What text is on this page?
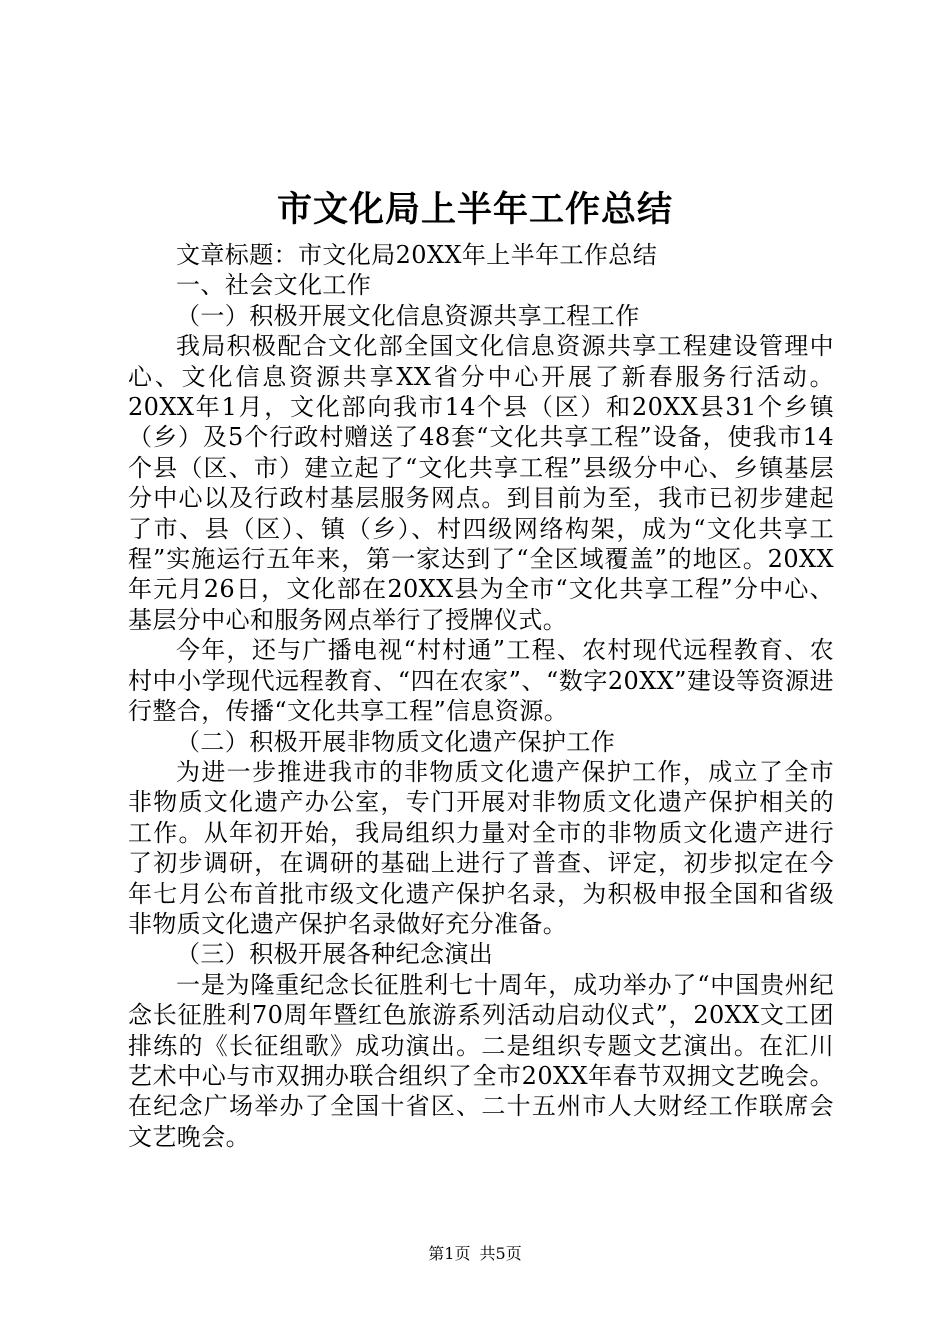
市文化局上半年工作总结

文章标题：市文化局20XX年上半年工作总结

一、社会文化工作

（一）积极开展文化信息资源共享工程工作

我局积极配合文化部全国文化信息资源共享工程建设管理中心、文化信息资源共享XX省分中心开展了新春服务行活动。20XX年1月，文化部向我市14个县（区）和20XX县31个乡镇（乡）及5个行政村赠送了48套“文化共享工程”设备，使我市14个县（区、市）建立起了“文化共享工程”县级分中心、乡镇基层分中心以及行政村基层服务网点。到目前为至，我市已初步建起了市、县（区）、镇（乡）、村四级网络构架，成为“文化共享工程”实施运行五年来，第一家达到了“全区域覆盖”的地区。20XX年元月26日，文化部在20XX县为全市“文化共享工程”分中心、基层分中心和服务网点举行了授牌仪式。

今年，还与广播电视“村村通”工程、农村现代远程教育、农村中小学现代远程教育、“四在农家”、“数字20XX”建设等资源进行整合，传播“文化共享工程”信息资源。

（二）积极开展非物质文化遗产保护工作

为进一步推进我市的非物质文化遗产保护工作，成立了全市非物质文化遗产办公室，专门开展对非物质文化遗产保护相关的工作。从年初开始，我局组织力量对全市的非物质文化遗产进行了初步调研，在调研的基础上进行了普查、评定，初步拟定在今年七月公布首批市级文化遗产保护名录，为积极申报全国和省级非物质文化遗产保护名录做好充分准备。

（三）积极开展各种纪念演出

一是为隆重纪念长征胜利七十周年，成功举办了“中国贵州纪念长征胜利70周年暨红色旅游系列活动启动仪式”，20XX文工团排练的《长征组歌》成功演出。二是组织专题文艺演出。在汇川艺术中心与市双拥办联合组织了全市20XX年春节双拥文艺晚会。在纪念广场举办了全国十省区、二十五州市人大财经工作联席会文艺晚会。

第1页 共5页
